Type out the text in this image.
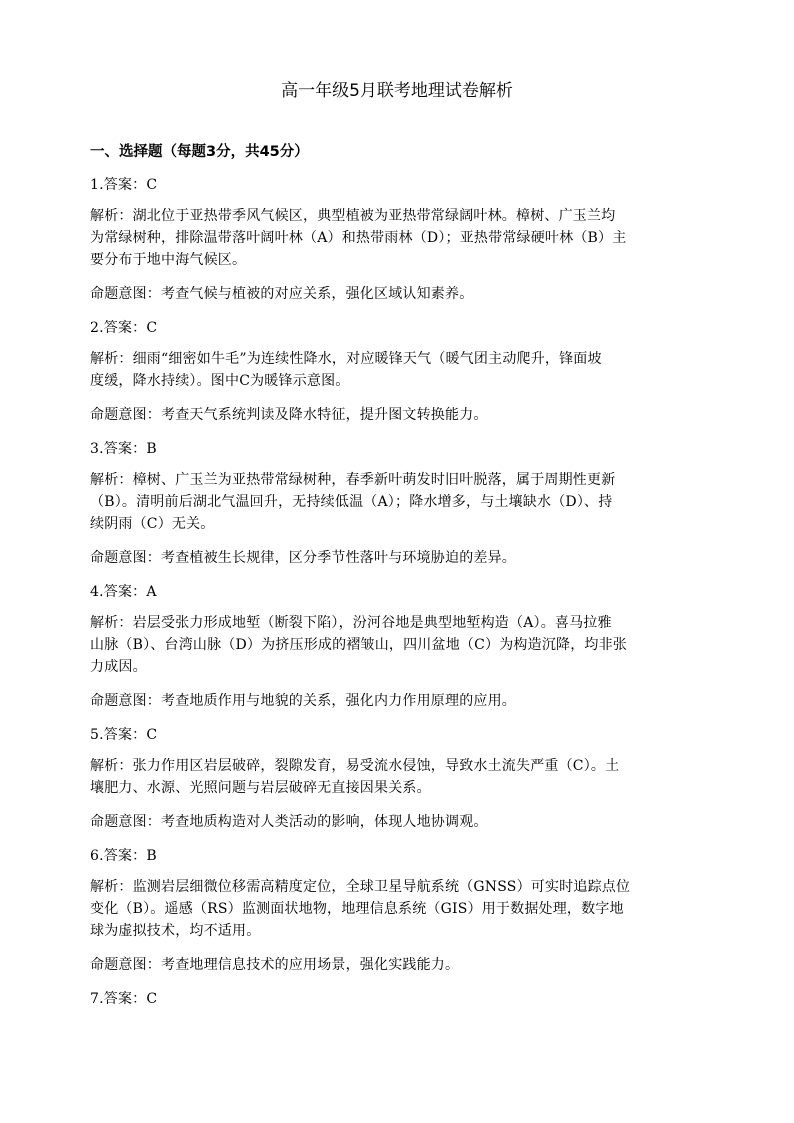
高一年级5月联考地理试卷解析
一、选择题（每题3分，共45分）

1.答案：C

解析：湖北位于亚热带季风气候区，典型植被为亚热带常绿阔叶林。樟树、广玉兰均

为常绿树种，排除温带落叶阔叶林（A）和热带雨林（D）；亚热带常绿硬叶林（B）主

要分布于地中海气候区。

命题意图：考查气候与植被的对应关系，强化区域认知素养。

2.答案：C

解析：细雨“细密如牛毛”为连续性降水，对应暖锋天气（暖气团主动爬升，锋面坡

度缓，降水持续）。图中C为暖锋示意图。

命题意图：考查天气系统判读及降水特征，提升图文转换能力。

3.答案：B

解析：樟树、广玉兰为亚热带常绿树种，春季新叶萌发时旧叶脱落，属于周期性更新

（B）。清明前后湖北气温回升，无持续低温（A）；降水增多，与土壤缺水（D）、持

续阴雨（C）无关。

命题意图：考查植被生长规律，区分季节性落叶与环境胁迫的差异。

4.答案：A

解析：岩层受张力形成地堑（断裂下陷），汾河谷地是典型地堑构造（A）。喜马拉雅

山脉（B）、台湾山脉（D）为挤压形成的褶皱山，四川盆地（C）为构造沉降，均非张

力成因。

命题意图：考查地质作用与地貌的关系，强化内力作用原理的应用。

5.答案：C

解析：张力作用区岩层破碎，裂隙发育，易受流水侵蚀，导致水土流失严重（C）。土

壤肥力、水源、光照问题与岩层破碎无直接因果关系。

命题意图：考查地质构造对人类活动的影响，体现人地协调观。

6.答案：B

解析：监测岩层细微位移需高精度定位，全球卫星导航系统（GNSS）可实时追踪点位

变化（B）。遥感（RS）监测面状地物，地理信息系统（GIS）用于数据处理，数字地

球为虚拟技术，均不适用。

命题意图：考查地理信息技术的应用场景，强化实践能力。

7.答案：C
